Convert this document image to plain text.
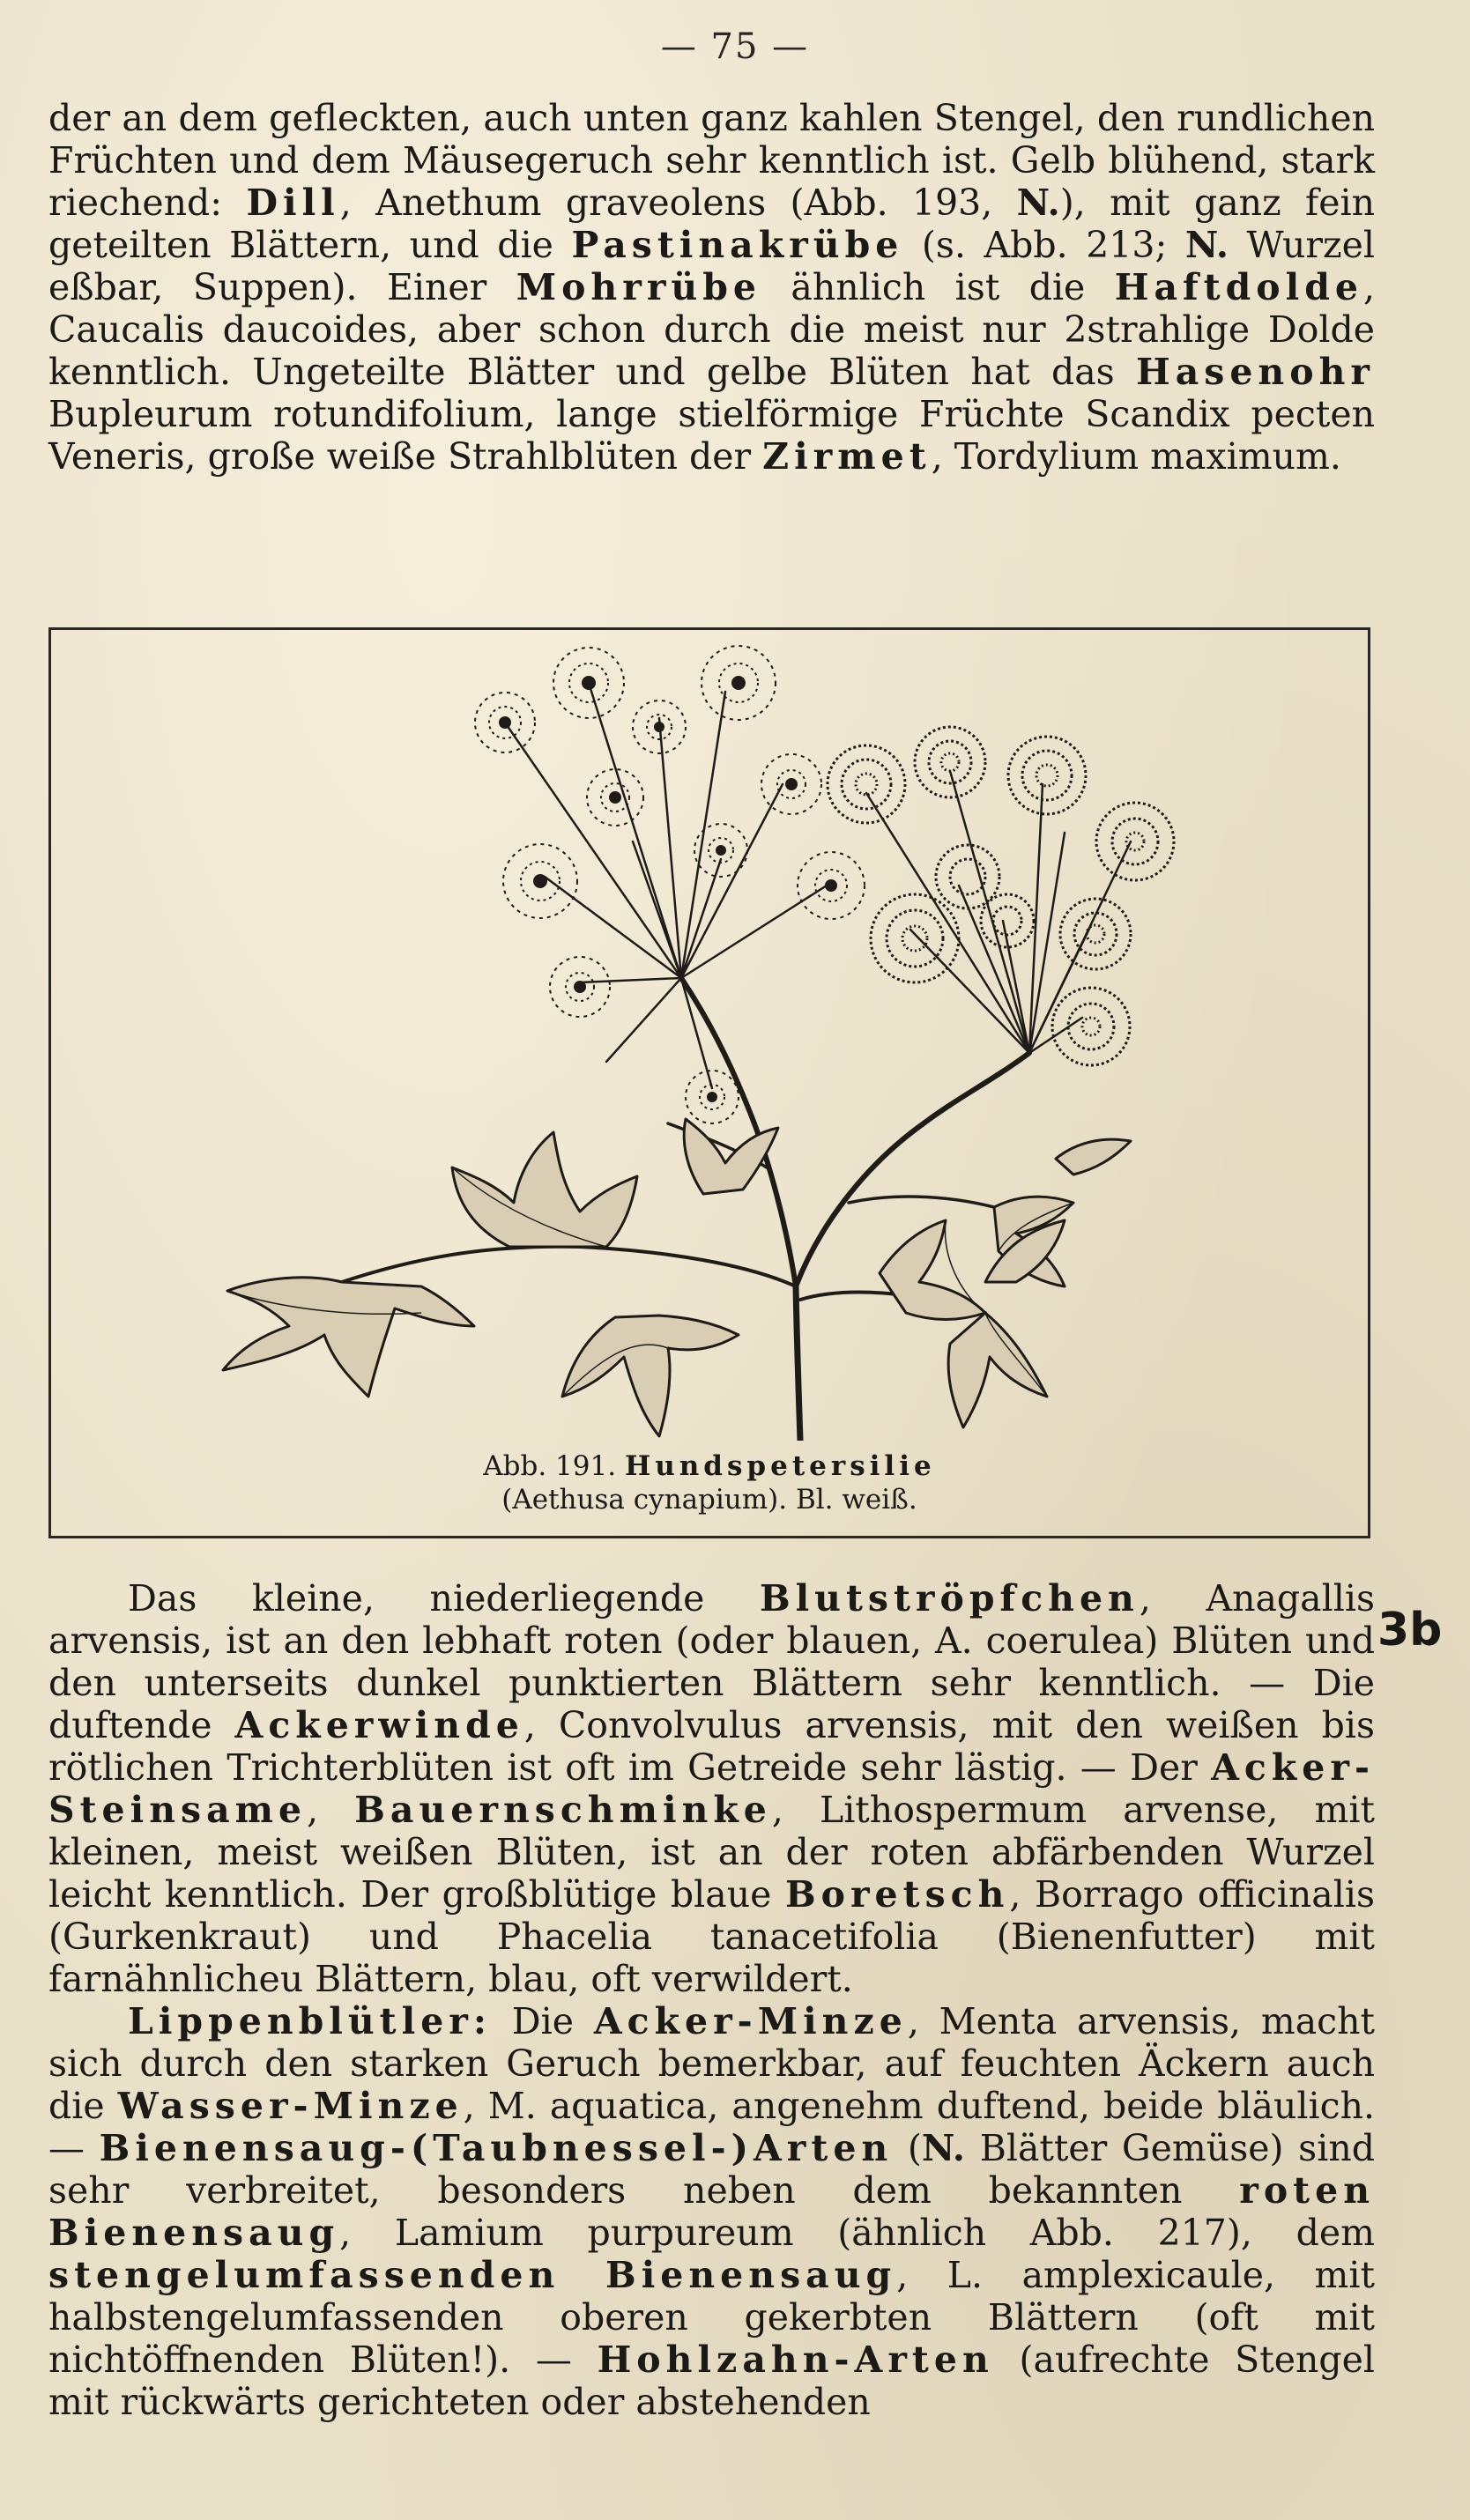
— 75 —

der an dem gefleckten, auch unten ganz kahlen Stengel, den rundlichen Früchten und dem Mäusegeruch sehr kenntlich ist. Gelb blühend, stark riechend: Dill, Anethum graveolens (Abb. 193, N.), mit ganz fein geteilten Blättern, und die Pastinakrübe (s. Abb. 213; N. Wurzel eßbar, Suppen). Einer Mohrrübe ähnlich ist die Haftdolde, Caucalis daucoides, aber schon durch die meist nur 2strahlige Dolde kenntlich. Ungeteilte Blätter und gelbe Blüten hat das Hasenohr Bupleurum rotundifolium, lange stielförmige Früchte Scandix pecten Veneris, große weiße Strahlblüten der Zirmet, Tordylium maximum.

Abb. 191. Hundspetersilie
(Aethusa cynapium). Bl. weiß.
3b

Das kleine, niederliegende Blutströpfchen, Anagallis arvensis, ist an den lebhaft roten (oder blauen, A. coerulea) Blüten und den unterseits dunkel punktierten Blättern sehr kenntlich. — Die duftende Ackerwinde, Convolvulus arvensis, mit den weißen bis rötlichen Trichterblüten ist oft im Getreide sehr lästig. — Der Acker-Steinsame, Bauernschminke, Lithospermum arvense, mit kleinen, meist weißen Blüten, ist an der roten abfärbenden Wurzel leicht kenntlich. Der großblütige blaue Boretsch, Borrago officinalis (Gurkenkraut) und Phacelia tanacetifolia (Bienenfutter) mit farnähnlicheu Blättern, blau, oft verwildert.

Lippenblütler: Die Acker-Minze, Menta arvensis, macht sich durch den starken Geruch bemerkbar, auf feuchten Äckern auch die Wasser-Minze, M. aquatica, angenehm duftend, beide bläulich. — Bienensaug-(Taubnessel-)Arten (N. Blätter Gemüse) sind sehr verbreitet, besonders neben dem bekannten roten Bienensaug, Lamium purpureum (ähnlich Abb. 217), dem stengelumfassenden Bienensaug, L. amplexicaule, mit halbstengelumfassenden oberen gekerbten Blättern (oft mit nichtöffnenden Blüten!). — Hohlzahn-Arten (aufrechte Stengel mit rückwärts gerichteten oder abstehenden
